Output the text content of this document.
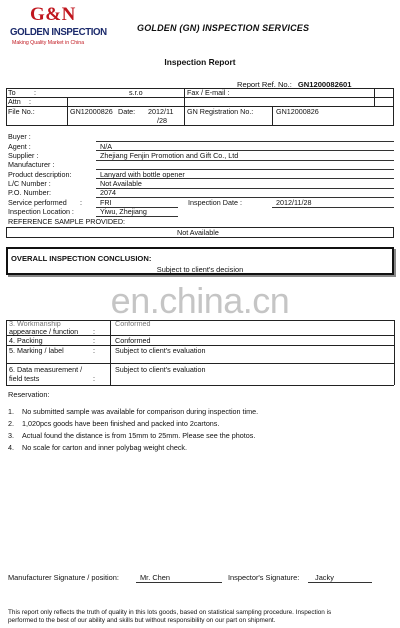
G&N
GOLDEN INSPECTION
Making Quality Market in China
GOLDEN (GN) INSPECTION SERVICES
Inspection Report
Report Ref. No.: GN1200082601
To	:	s.r.o	Fax / E-mail :
Attn :
File No.:	GN12000826 Date: 2012/11
/28
GN Registration No.:	GN12000826
Buyer :
Agent :	N/A
Supplier :	Zhejiang Fenjin Promotion and Gift Co., Ltd
Manufacturer :
Product description:	Lanyard with bottle opener
L/C Number :	Not Available
P.O. Number:	2074
Service performed :	FRI	Inspection Date :	2012/11/28
Inspection Location :	Yiwu, Zhejiang
REFERENCE SAMPLE PROVIDED:
Not Available
OVERALL INSPECTION CONCLUSION:
Subject to client's decision
3. Workmanship
appearance / function :
Conformed
4. Packing	:	Conformed
5. Marking / label	:	Subject to client's evaluation
6. Data measurement /
field tests	:
Subject to client's evaluation
en.china.cn
Reservation:
1. No submitted sample was available for comparison during inspection time.
2. 1,020pcs goods have been finished and packed into 2cartons.
3. Actual found the distance is from 15mm to 25mm. Please see the photos.
4. No scale for carton and inner polybag weight check.
Manufacturer Signature / position:	Mr. Chen	Inspector's Signature: Jacky
This report only reflects the truth of quality in this lots goods, based on statistical sampling procedure. Inspection is
performed to the best of our ability and skills but without responsibility on our part on shipment.
